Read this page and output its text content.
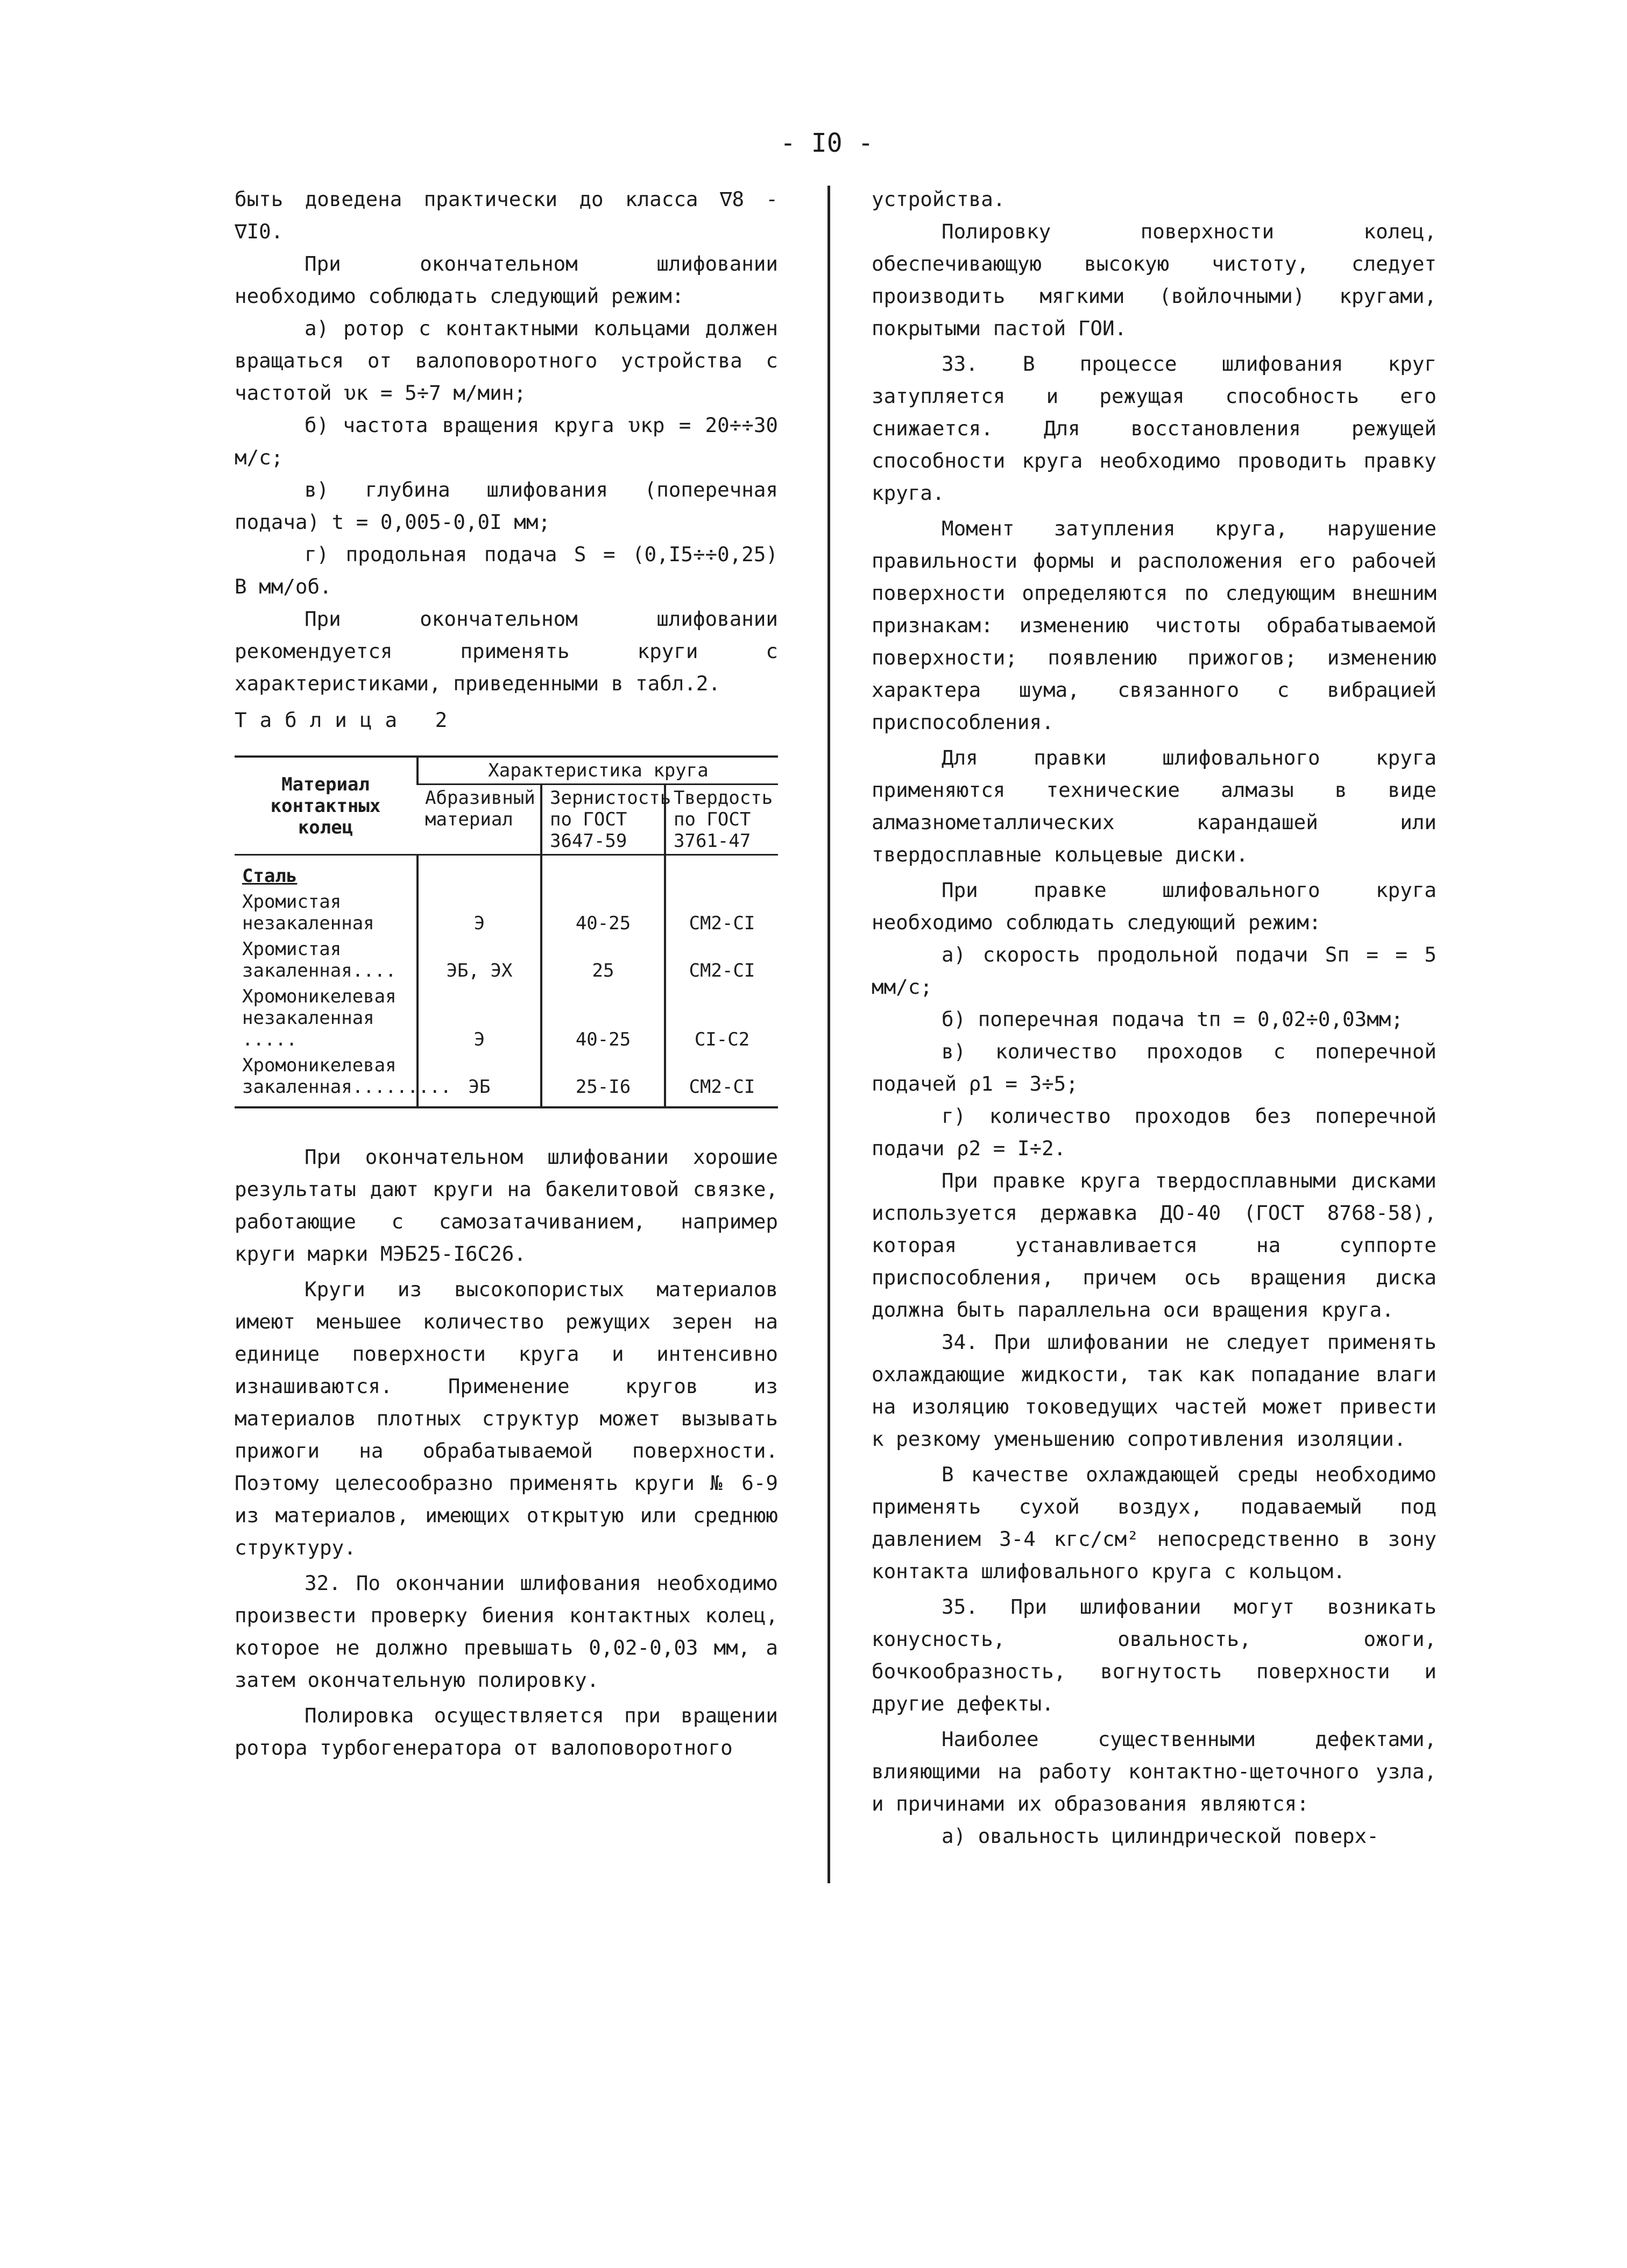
- I0 -

быть доведена практически до класса ∇8 - ∇I0.

При окончательном шлифовании необходимо соблюдать следующий режим:

а) ротор с контактными кольцами должен вращаться от валоповоротного устройства с частотой υк = 5÷7 м/мин;

б) частота вращения круга υкр = 20÷÷30 м/с;

в) глубина шлифования (поперечная подача) t = 0,005-0,0I мм;

г) продольная подача S = (0,I5÷÷0,25) В мм/об.

При окончательном шлифовании рекомендуется применять круги с характеристиками, приведенными в табл.2.

Таблица 2

Материал контактных колец	Характеристика круга		
	Абразивный материал	Зернистость по ГОСТ 3647-59	Твердость по ГОСТ 3761-47
Сталь			
Хромистая незакаленная	Э	40-25	СМ2-СI
Хромистая закаленная....	ЭБ, ЭХ	25	СМ2-СI
Хромоникелевая незакаленная .....	Э	40-25	СI-С2
Хромоникелевая закаленная.........	ЭБ	25-I6	СМ2-СI

При окончательном шлифовании хорошие результаты дают круги на бакелитовой связке, работающие с самозатачиванием, например круги марки МЭБ25-I6С26.

Круги из высокопористых материалов имеют меньшее количество режущих зерен на единице поверхности круга и интенсивно изнашиваются. Применение кругов из материалов плотных структур может вызывать прижоги на обрабатываемой поверхности. Поэтому целесообразно применять круги № 6-9 из материалов, имеющих открытую или среднюю структуру.

32. По окончании шлифования необходимо произвести проверку биения контактных колец, которое не должно превышать 0,02-0,03 мм, а затем окончательную полировку.

Полировка осуществляется при вращении ротора турбогенератора от валоповоротного

устройства.

Полировку поверхности колец, обеспечивающую высокую чистоту, следует производить мягкими (войлочными) кругами, покрытыми пастой ГОИ.

33. В процессе шлифования круг затупляется и режущая способность его снижается. Для восстановления режущей способности круга необходимо проводить правку круга.

Момент затупления круга, нарушение правильности формы и расположения его рабочей поверхности определяются по следующим внешним признакам: изменению чистоты обрабатываемой поверхности; появлению прижогов; изменению характера шума, связанного с вибрацией приспособления.

Для правки шлифовального круга применяются технические алмазы в виде алмазнометаллических карандашей или твердосплавные кольцевые диски.

При правке шлифовального круга необходимо соблюдать следующий режим:

а) скорость продольной подачи Sп = = 5 мм/с;

б) поперечная подача tп = 0,02÷0,03мм;

в) количество проходов с поперечной подачей ρ1 = 3÷5;

г) количество проходов без поперечной подачи ρ2 = I÷2.

При правке круга твердосплавными дисками используется державка ДО-40 (ГОСТ 8768-58), которая устанавливается на суппорте приспособления, причем ось вращения диска должна быть параллельна оси вращения круга.

34. При шлифовании не следует применять охлаждающие жидкости, так как попадание влаги на изоляцию токоведущих частей может привести к резкому уменьшению сопротивления изоляции.

В качестве охлаждающей среды необходимо применять сухой воздух, подаваемый под давлением 3-4 кгс/см² непосредственно в зону контакта шлифовального круга с кольцом.

35. При шлифовании могут возникать конусность, овальность, ожоги, бочкообразность, вогнутость поверхности и другие дефекты.

Наиболее существенными дефектами, влияющими на работу контактно-щеточного узла, и причинами их образования являются:

а) овальность цилиндрической поверх-
